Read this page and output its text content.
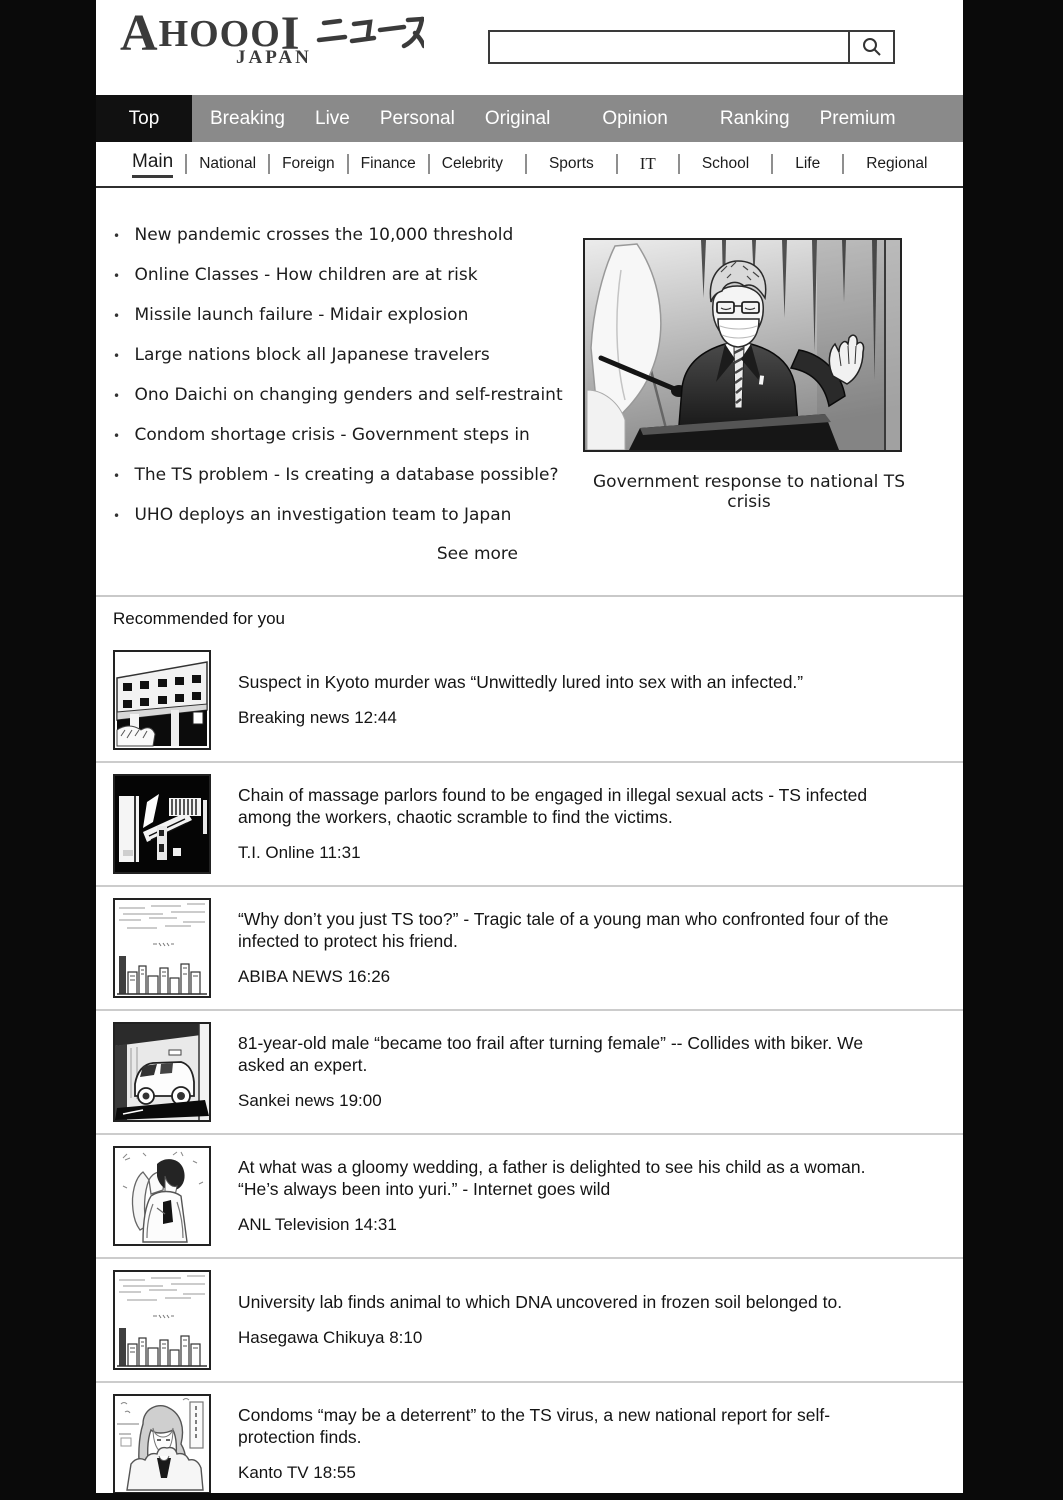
A HOOO I
JAPAN
Top	Breaking Live Personal Original	Opinion	Ranking Premium
Main National Foreign Finance Celebrity	Sports	IT	School	Life	Regional
• New pandemic crosses the 10,000 threshold
• Online Classes - How children are at risk
• Missile launch failure - Midair explosion
• Large nations block all Japanese travelers
• Ono Daichi on changing genders and self-restraint
• Condom shortage crisis - Government steps in
• The TS problem - Is creating a database possible?
• UHO deploys an investigation team to Japan
See more
Government response to national TS crisis
Recommended for you
Suspect in Kyoto murder was “Unwittedly lured into sex with an infected.”
Breaking news 12:44
Chain of massage parlors found to be engaged in illegal sexual acts - TS infected among the workers, chaotic scramble to find the victims.
T.I. Online 11:31
“Why don’t you just TS too?” - Tragic tale of a young man who confronted four of the infected to protect his friend.
ABIBA NEWS 16:26
81-year-old male “became too frail after turning female” -- Collides with biker. We asked an expert.
Sankei news 19:00
At what was a gloomy wedding, a father is delighted to see his child as a woman. “He’s always been into yuri.” - Internet goes wild
ANL Television 14:31
University lab finds animal to which DNA uncovered in frozen soil belonged to.
Hasegawa Chikuya 8:10
Condoms “may be a deterrent” to the TS virus, a new national report for self-protection finds.
Kanto TV 18:55
